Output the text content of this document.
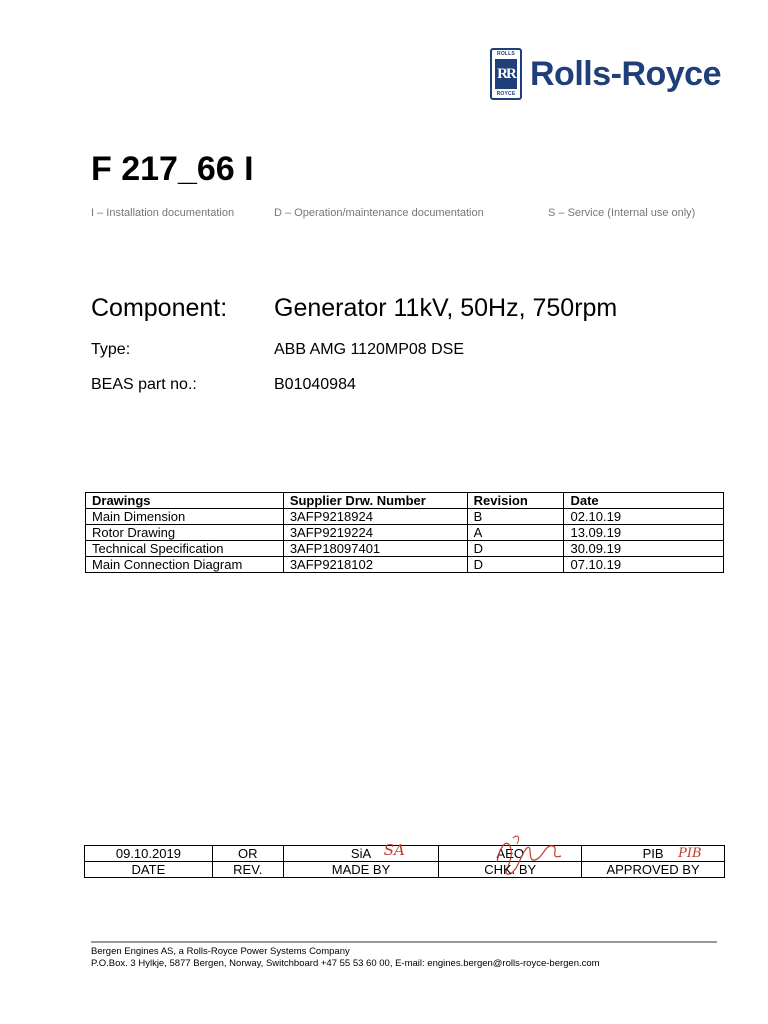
ROLLS
RR
ROYCE
Rolls-Royce
F 217_66 I
I – Installation documentation	D – Operation/maintenance documentation	S – Service (Internal use only)
Component: Generator 11kV, 50Hz, 750rpm
Type:	ABB AMG 1120MP08 DSE
BEAS part no.:	B01040984
Drawings	Supplier Drw. Number	Revision	Date
Main Dimension	3AFP9218924	B	02.10.19
Rotor Drawing	3AFP9219224	A	13.09.19
Technical Specification	3AFP18097401	D	30.09.19
Main Connection Diagram	3AFP9218102	D	07.10.19
09.10.2019	OR	SiA SA	AEO	PIB PIB

DATE	REV.	MADE BY	CHK. BY	APPROVED BY
Bergen Engines AS, a Rolls-Royce Power Systems Company
P.O.Box. 3 Hylkje, 5877 Bergen, Norway, Switchboard +47 55 53 60 00, E-mail: engines.bergen@rolls-royce-bergen.com
